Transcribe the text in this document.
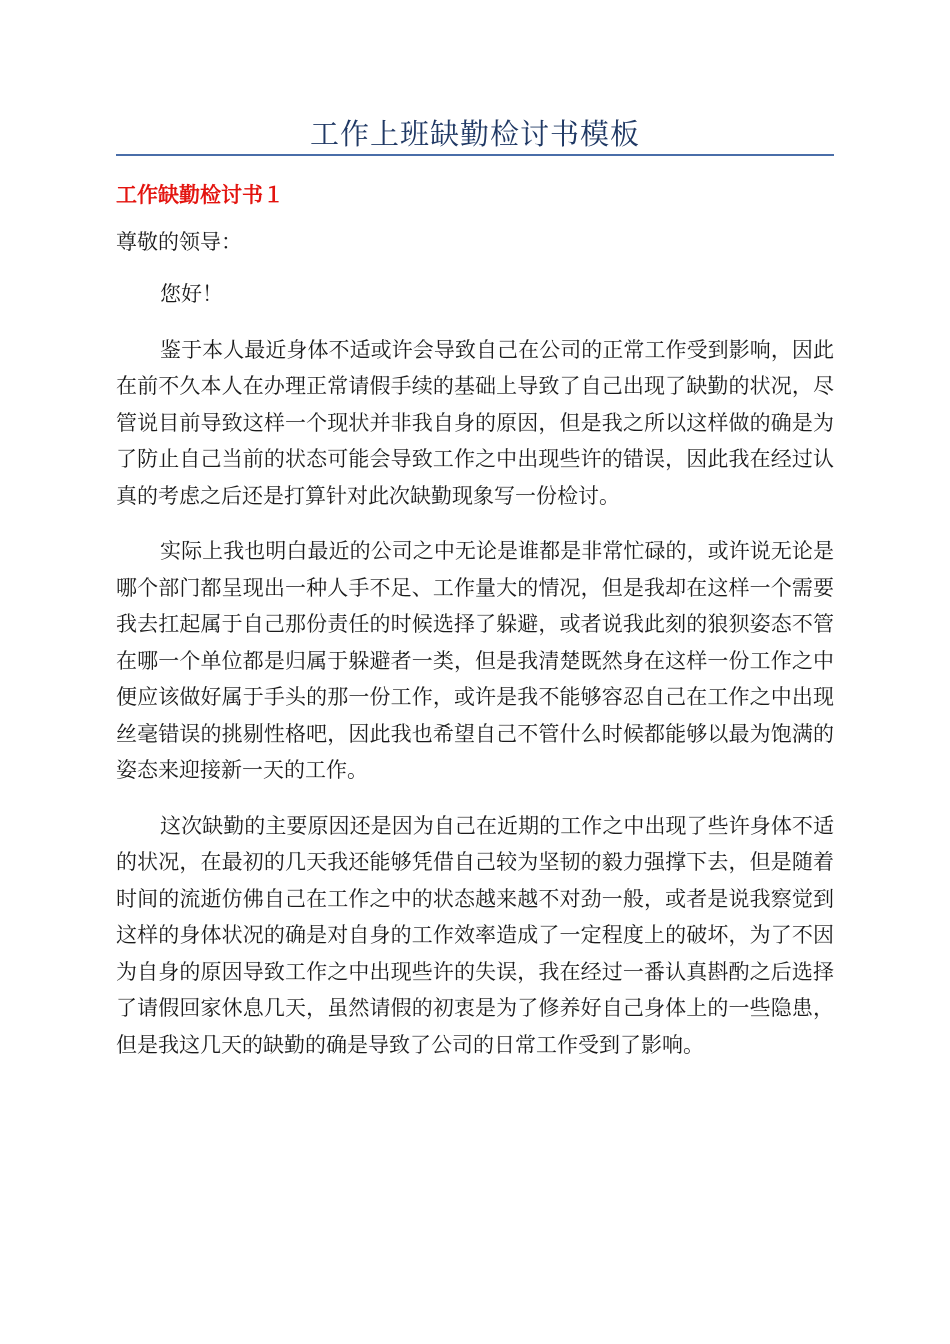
工作上班缺勤检讨书模板
工作缺勤检讨书１
尊敬的领导：

您好！

鉴于本人最近身体不适或许会导致自己在公司的正常工作受到影响，因此在前不久本人在办理正常请假手续的基础上导致了自己出现了缺勤的状况，尽管说目前导致这样一个现状并非我自身的原因，但是我之所以这样做的确是为了防止自己当前的状态可能会导致工作之中出现些许的错误，因此我在经过认真的考虑之后还是打算针对此次缺勤现象写一份检讨。

实际上我也明白最近的公司之中无论是谁都是非常忙碌的，或许说无论是哪个部门都呈现出一种人手不足、工作量大的情况，但是我却在这样一个需要我去扛起属于自己那份责任的时候选择了躲避，或者说我此刻的狼狈姿态不管在哪一个单位都是归属于躲避者一类，但是我清楚既然身在这样一份工作之中便应该做好属于手头的那一份工作，或许是我不能够容忍自己在工作之中出现丝毫错误的挑剔性格吧，因此我也希望自己不管什么时候都能够以最为饱满的姿态来迎接新一天的工作。

这次缺勤的主要原因还是因为自己在近期的工作之中出现了些许身体不适的状况，在最初的几天我还能够凭借自己较为坚韧的毅力强撑下去，但是随着时间的流逝仿佛自己在工作之中的状态越来越不对劲一般，或者是说我察觉到这样的身体状况的确是对自身的工作效率造成了一定程度上的破坏，为了不因为自身的原因导致工作之中出现些许的失误，我在经过一番认真斟酌之后选择了请假回家休息几天，虽然请假的初衷是为了修养好自己身体上的一些隐患，但是我这几天的缺勤的确是导致了公司的日常工作受到了影响。
